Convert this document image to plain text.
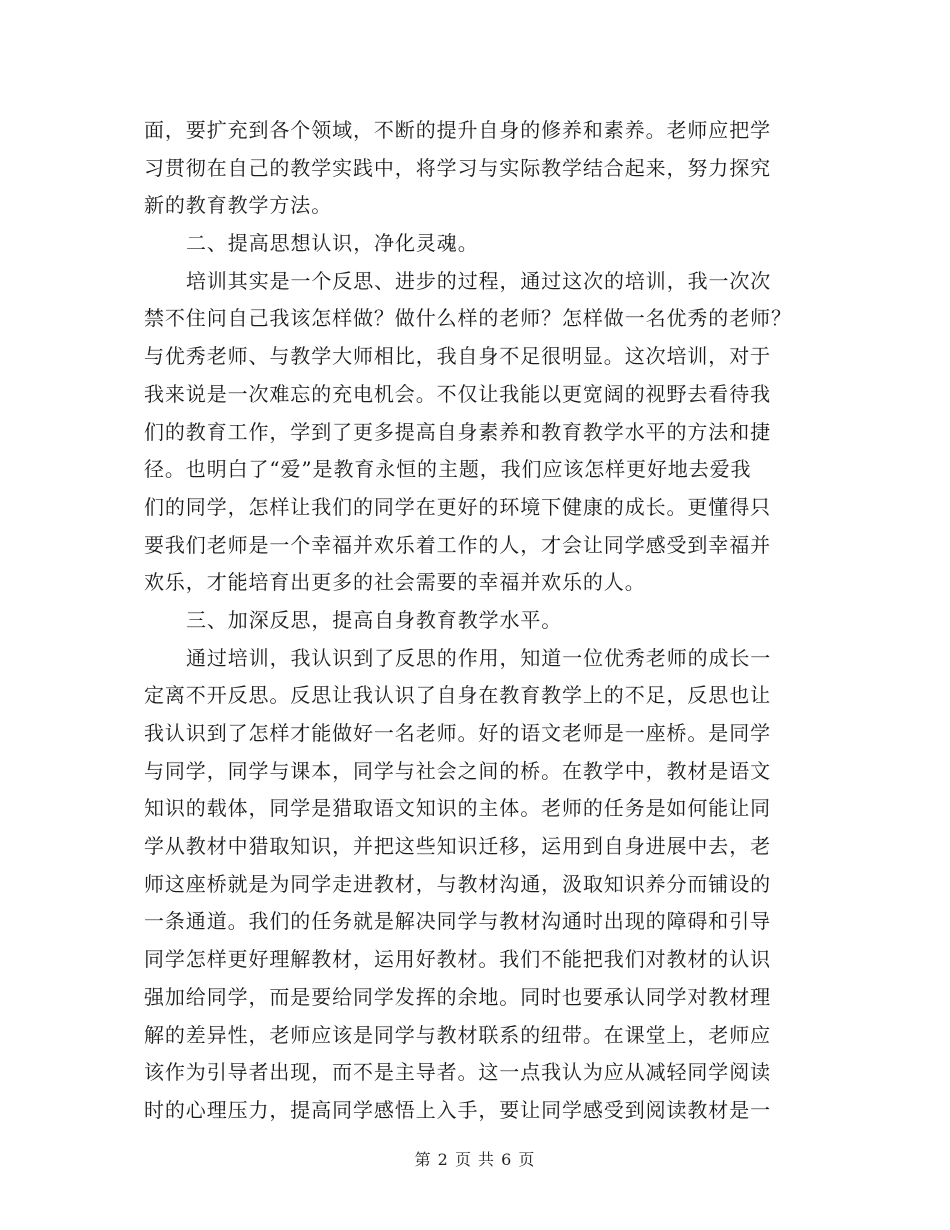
面，要扩充到各个领域，不断的提升自身的修养和素养。老师应把学
习贯彻在自己的教学实践中，将学习与实际教学结合起来，努力探究
新的教育教学方法。
二、提高思想认识，净化灵魂。
培训其实是一个反思、进步的过程，通过这次的培训，我一次次
禁不住问自己我该怎样做？做什么样的老师？怎样做一名优秀的老师？
与优秀老师、与教学大师相比，我自身不足很明显。这次培训，对于
我来说是一次难忘的充电机会。不仅让我能以更宽阔的视野去看待我
们的教育工作，学到了更多提高自身素养和教育教学水平的方法和捷
径。也明白了“爱”是教育永恒的主题，我们应该怎样更好地去爱我
们的同学，怎样让我们的同学在更好的环境下健康的成长。更懂得只
要我们老师是一个幸福并欢乐着工作的人，才会让同学感受到幸福并
欢乐，才能培育出更多的社会需要的幸福并欢乐的人。
三、加深反思，提高自身教育教学水平。
通过培训，我认识到了反思的作用，知道一位优秀老师的成长一
定离不开反思。反思让我认识了自身在教育教学上的不足，反思也让
我认识到了怎样才能做好一名老师。好的语文老师是一座桥。是同学
与同学，同学与课本，同学与社会之间的桥。在教学中，教材是语文
知识的载体，同学是猎取语文知识的主体。老师的任务是如何能让同
学从教材中猎取知识，并把这些知识迁移，运用到自身进展中去，老
师这座桥就是为同学走进教材，与教材沟通，汲取知识养分而铺设的
一条通道。我们的任务就是解决同学与教材沟通时出现的障碍和引导
同学怎样更好理解教材，运用好教材。我们不能把我们对教材的认识
强加给同学，而是要给同学发挥的余地。同时也要承认同学对教材理
解的差异性，老师应该是同学与教材联系的纽带。在课堂上，老师应
该作为引导者出现，而不是主导者。这一点我认为应从减轻同学阅读
时的心理压力，提高同学感悟上入手，要让同学感受到阅读教材是一
第 2 页 共 6 页
